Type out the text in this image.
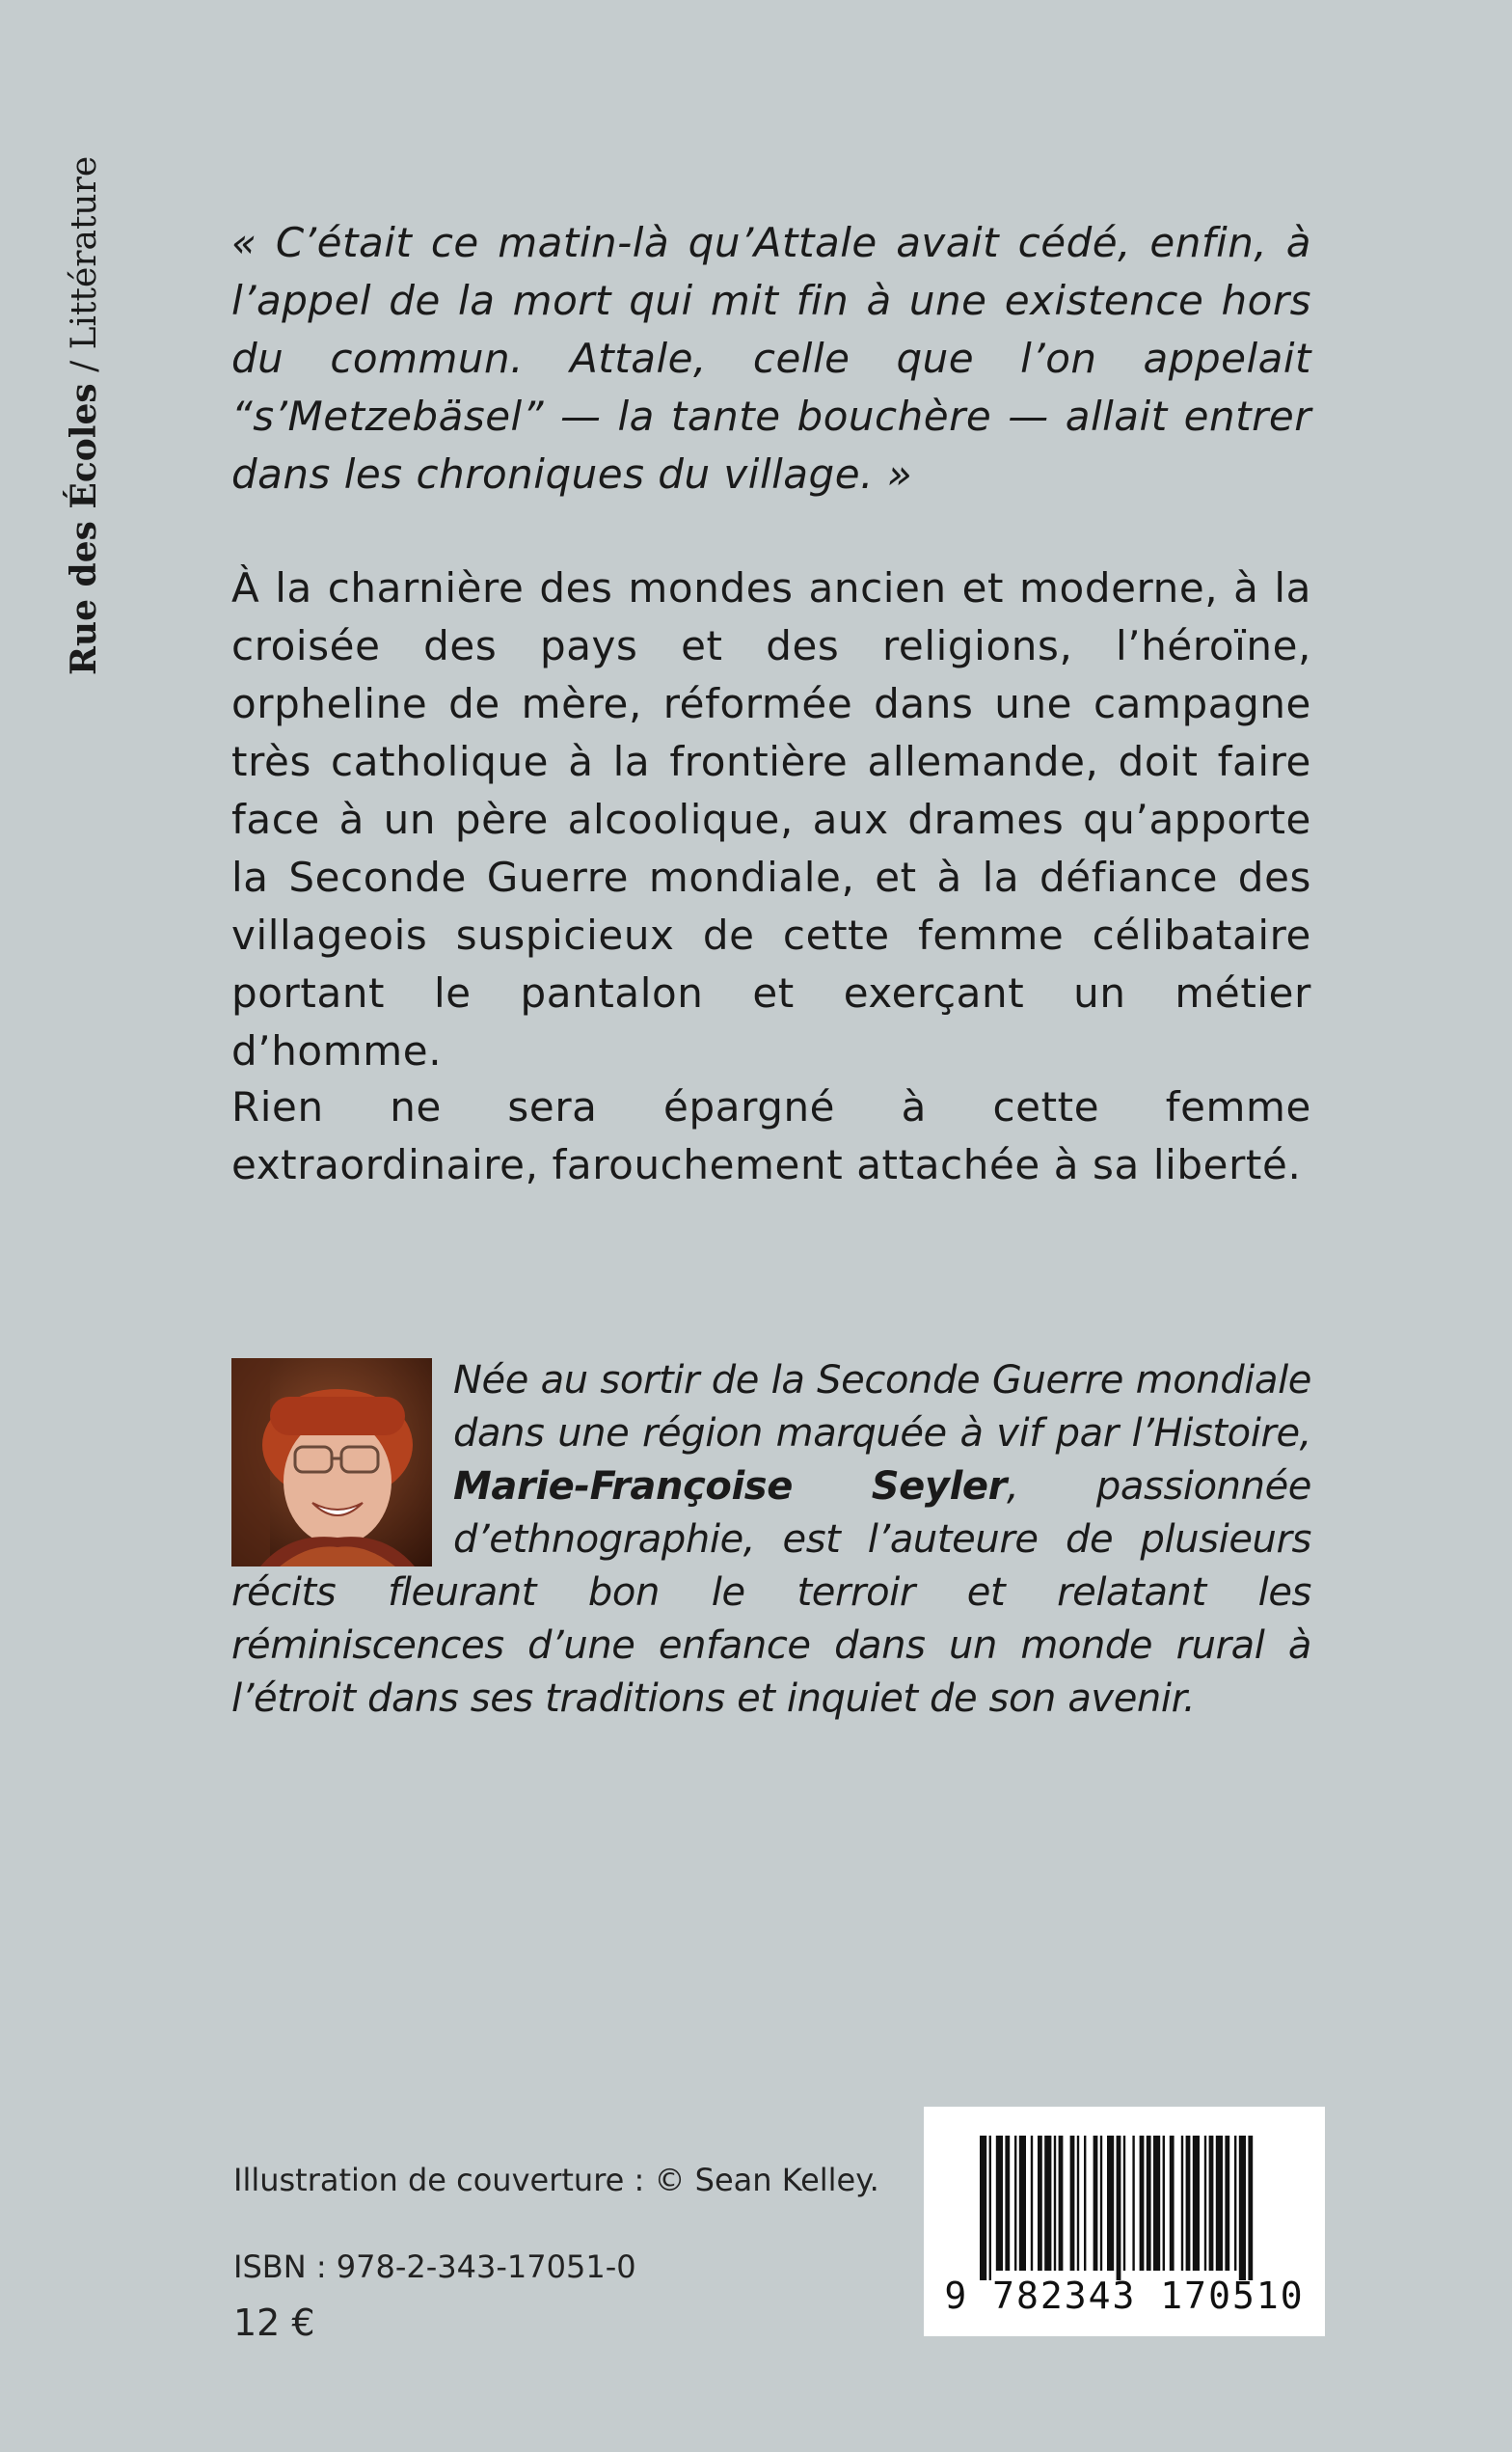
Rue des Écoles / Littérature	« C’était ce matin-là qu’Attale avait cédé, enfin, à l’appel de la mort qui mit fin à une existence hors du commun. Attale, celle que l’on appelait “s’Metzebäsel” — la tante bouchère — allait entrer dans les chroniques du village. »

À la charnière des mondes ancien et moderne, à la croisée des pays et des religions, l’héroïne, orpheline de mère, réformée dans une campagne très catholique à la frontière allemande, doit faire face à un père alcoolique, aux drames qu’apporte la Seconde Guerre mondiale, et à la défiance des villageois suspicieux de cette femme célibataire portant le pantalon et exerçant un métier d’homme.

Rien ne sera épargné à cette femme extraordinaire, farouchement attachée à sa liberté.

Née au sortir de la Seconde Guerre mondiale dans une région marquée à vif par l’Histoire, Marie-Françoise Seyler, passionnée d’ethnographie, est l’auteure de plusieurs récits fleurant bon le terroir et relatant les réminiscences d’une enfance dans un monde rural à l’étroit dans ses traditions et inquiet de son avenir.
Illustration de couverture : © Sean Kelley.
ISBN : 978-2-343-17051-0
12 €
9 782343 170510
